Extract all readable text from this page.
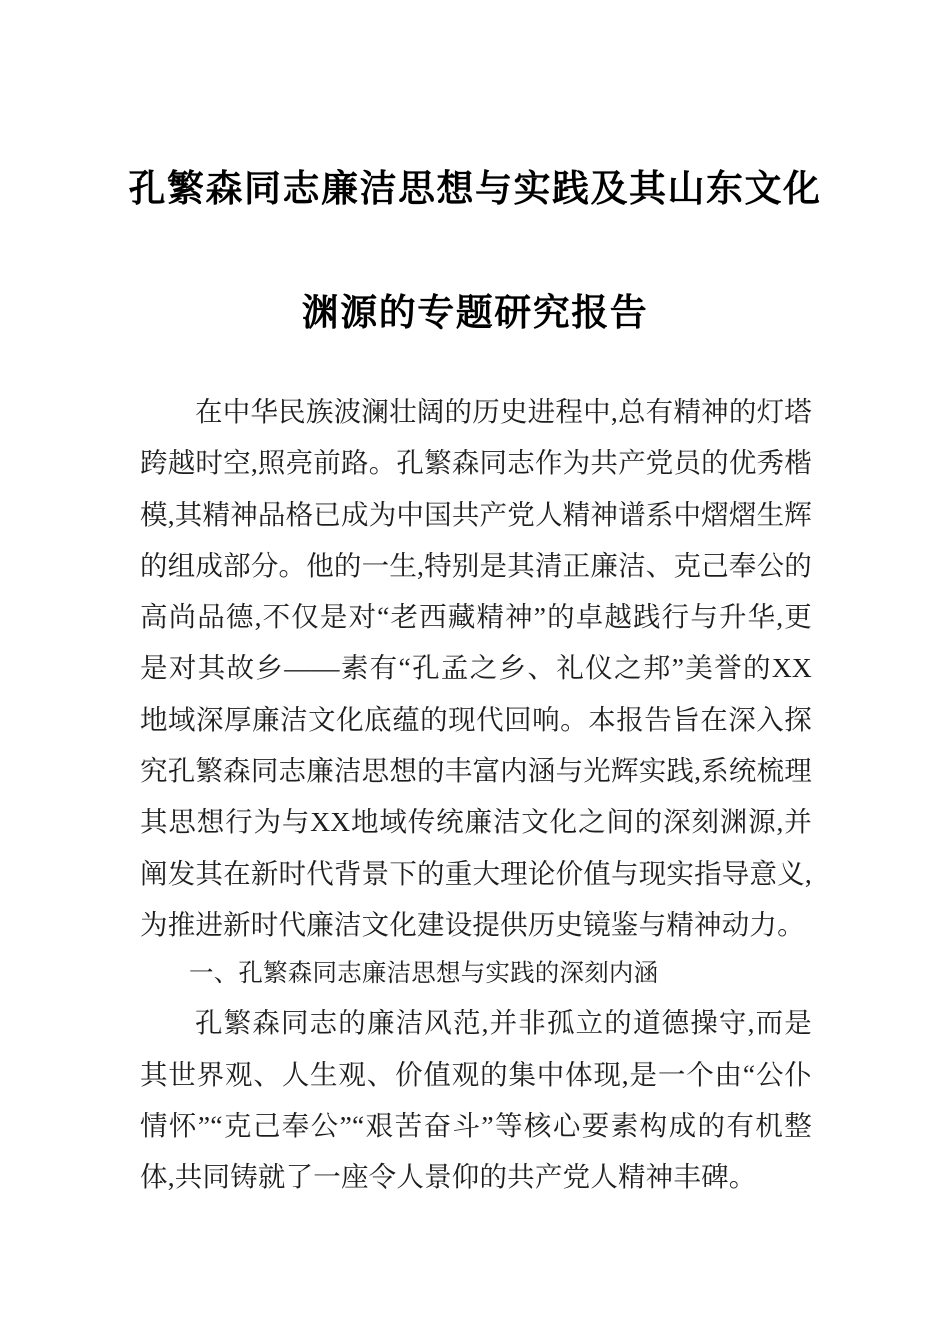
孔繁森同志廉洁思想与实践及其山东文化
渊源的专题研究报告

在中华民族波澜壮阔的历史进程中,总有精神的灯塔跨越时空,照亮前路。孔繁森同志作为共产党员的优秀楷模,其精神品格已成为中国共产党人精神谱系中熠熠生辉的组成部分。他的一生,特别是其清正廉洁、克己奉公的高尚品德,不仅是对“老西藏精神”的卓越践行与升华,更是对其故乡——素有“孔孟之乡、礼仪之邦”美誉的XX地域深厚廉洁文化底蕴的现代回响。本报告旨在深入探究孔繁森同志廉洁思想的丰富内涵与光辉实践,系统梳理其思想行为与XX地域传统廉洁文化之间的深刻渊源,并阐发其在新时代背景下的重大理论价值与现实指导意义,为推进新时代廉洁文化建设提供历史镜鉴与精神动力。

一、孔繁森同志廉洁思想与实践的深刻内涵

孔繁森同志的廉洁风范,并非孤立的道德操守,而是其世界观、人生观、价值观的集中体现,是一个由“公仆情怀”“克己奉公”“艰苦奋斗”等核心要素构成的有机整体,共同铸就了一座令人景仰的共产党人精神丰碑。
